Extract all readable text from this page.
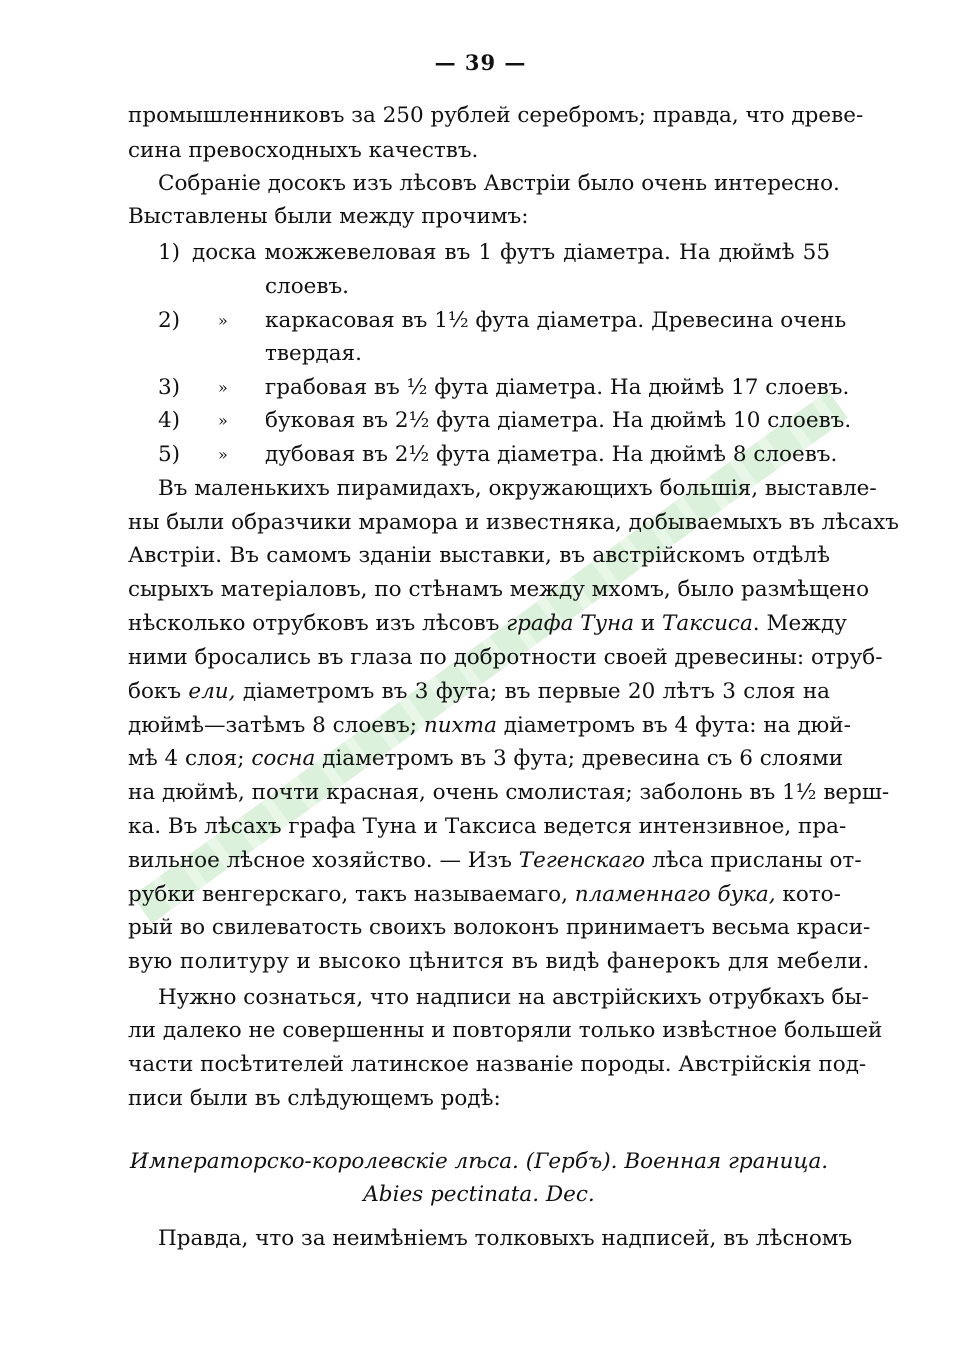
— 39 —
промышленниковъ за 250 рублей серебромъ; правда, что древе-
сина превосходныхъ качествъ.
Собраніе досокъ изъ лѣсовъ Австріи было очень интересно.
Выставлены были между прочимъ:
1) доска можжевеловая въ 1 футъ діаметра. На дюймѣ 55
слоевъ.
2) » каркасовая въ 1½ фута діаметра. Древесина очень
твердая.
3) » грабовая въ ½ фута діаметра. На дюймѣ 17 слоевъ.
4) » буковая въ 2½ фута діаметра. На дюймѣ 10 слоевъ.
5) » дубовая въ 2½ фута діаметра. На дюймѣ 8 слоевъ.
Въ маленькихъ пирамидахъ, окружающихъ большія, выставле-
ны были образчики мрамора и известняка, добываемыхъ въ лѣсахъ
Австріи. Въ самомъ зданіи выставки, въ австрійскомъ отдѣлѣ
сырыхъ матеріаловъ, по стѣнамъ между мхомъ, было размѣщено
нѣсколько отрубковъ изъ лѣсовъ графа Туна и Таксиса. Между
ними бросались въ глаза по добротности своей древесины: отруб-
бокъ ели, діаметромъ въ 3 фута; въ первые 20 лѣтъ 3 слоя на
дюймѣ—затѣмъ 8 слоевъ; пихта діаметромъ въ 4 фута: на дюй-
мѣ 4 слоя; сосна діаметромъ въ 3 фута; древесина съ 6 слоями
на дюймѣ, почти красная, очень смолистая; заболонь въ 1½ верш-
ка. Въ лѣсахъ графа Туна и Таксиса ведется интензивное, пра-
вильное лѣсное хозяйство. — Изъ Тегенскаго лѣса присланы от-
рубки венгерскаго, такъ называемаго, пламеннаго бука, кото-
рый во свилеватость своихъ волоконъ принимаетъ весьма краси-
вую политуру и высоко цѣнится въ видѣ фанерокъ для мебели.
Нужно сознаться, что надписи на австрійскихъ отрубкахъ бы-
ли далеко не совершенны и повторяли только извѣстное большей
части посѣтителей латинское названіе породы. Австрійскія под-
писи были въ слѣдующемъ родѣ:
Императорско-королевскіе лѣса. (Гербъ). Военная граница.
Abies pectinata. Dec.
Правда, что за неимѣніемъ толковыхъ надписей, въ лѣсномъ
